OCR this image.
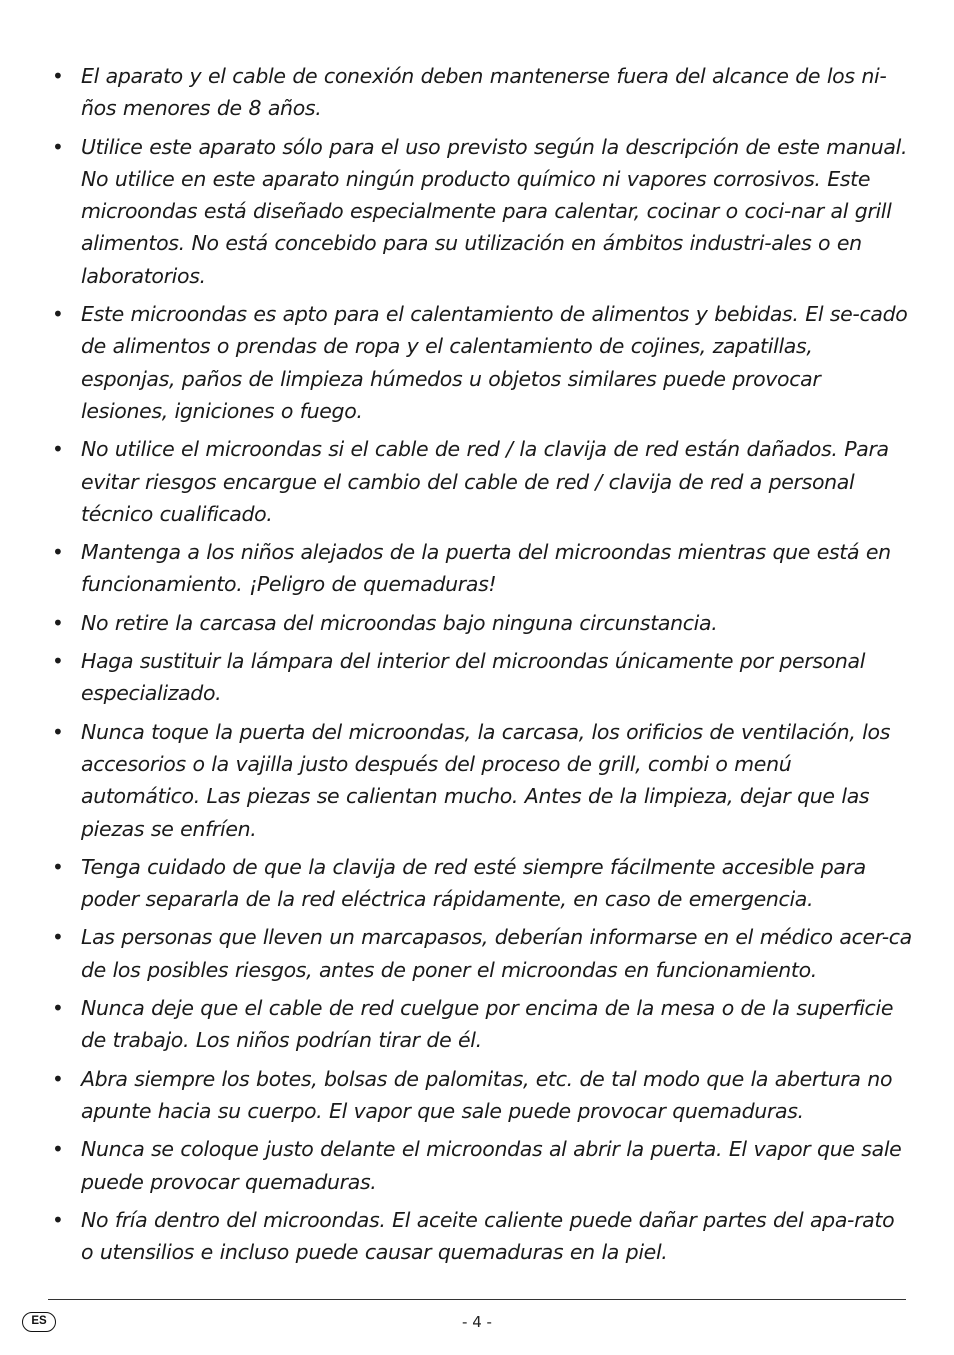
• El aparato y el cable de conexión deben mantenerse fuera del alcance de los ni-ños menores de 8 años.
• Utilice este aparato sólo para el uso previsto según la descripción de este manual. No utilice en este aparato ningún producto químico ni vapores corrosivos. Este microondas está diseñado especialmente para calentar, cocinar o coci-nar al grill alimentos. No está concebido para su utilización en ámbitos industri-ales o en laboratorios.
• Este microondas es apto para el calentamiento de alimentos y bebidas. El se-cado de alimentos o prendas de ropa y el calentamiento de cojines, zapatillas, esponjas, paños de limpieza húmedos u objetos similares puede provocar lesiones, igniciones o fuego.
• No utilice el microondas si el cable de red / la clavija de red están dañados. Para evitar riesgos encargue el cambio del cable de red / clavija de red a personal técnico cualificado.
• Mantenga a los niños alejados de la puerta del microondas mientras que está en funcionamiento. ¡Peligro de quemaduras!
• No retire la carcasa del microondas bajo ninguna circunstancia.
• Haga sustituir la lámpara del interior del microondas únicamente por personal especializado.
• Nunca toque la puerta del microondas, la carcasa, los orificios de ventilación, los accesorios o la vajilla justo después del proceso de grill, combi o menú automático. Las piezas se calientan mucho. Antes de la limpieza, dejar que las piezas se enfríen.
• Tenga cuidado de que la clavija de red esté siempre fácilmente accesible para poder separarla de la red eléctrica rápidamente, en caso de emergencia.
• Las personas que lleven un marcapasos, deberían informarse en el médico acer-ca de los posibles riesgos, antes de poner el microondas en funcionamiento.
• Nunca deje que el cable de red cuelgue por encima de la mesa o de la superficie de trabajo. Los niños podrían tirar de él.
• Abra siempre los botes, bolsas de palomitas, etc. de tal modo que la abertura no apunte hacia su cuerpo. El vapor que sale puede provocar quemaduras.
• Nunca se coloque justo delante el microondas al abrir la puerta. El vapor que sale puede provocar quemaduras.
• No fría dentro del microondas. El aceite caliente puede dañar partes del apa-rato o utensilios e incluso puede causar quemaduras en la piel.
ES	- 4 -
